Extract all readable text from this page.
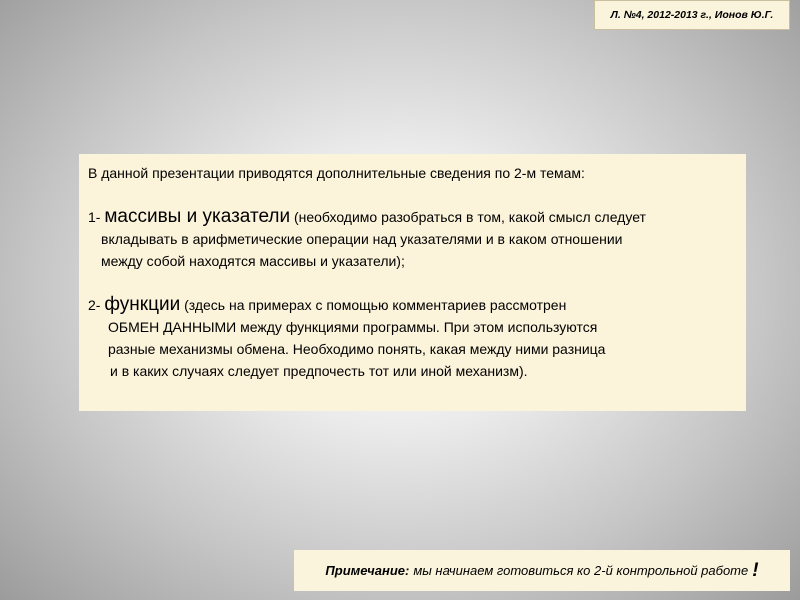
Л. №4, 2012-2013 г., Ионов Ю.Г.
В данной презентации приводятся дополнительные сведения по 2-м темам:
1- массивы и указатели (необходимо разобраться в том, какой смысл следует
вкладывать в арифметические операции над указателями и в каком отношении
между собой находятся массивы и указатели);
2- функции (здесь на примерах с помощью комментариев рассмотрен
ОБМЕН ДАННЫМИ между функциями программы. При этом используются
разные механизмы обмена. Необходимо понять, какая между ними разница
и в каких случаях следует предпочесть тот или иной механизм).
Примечание: мы начинаем готовиться ко 2-й контрольной работе !
